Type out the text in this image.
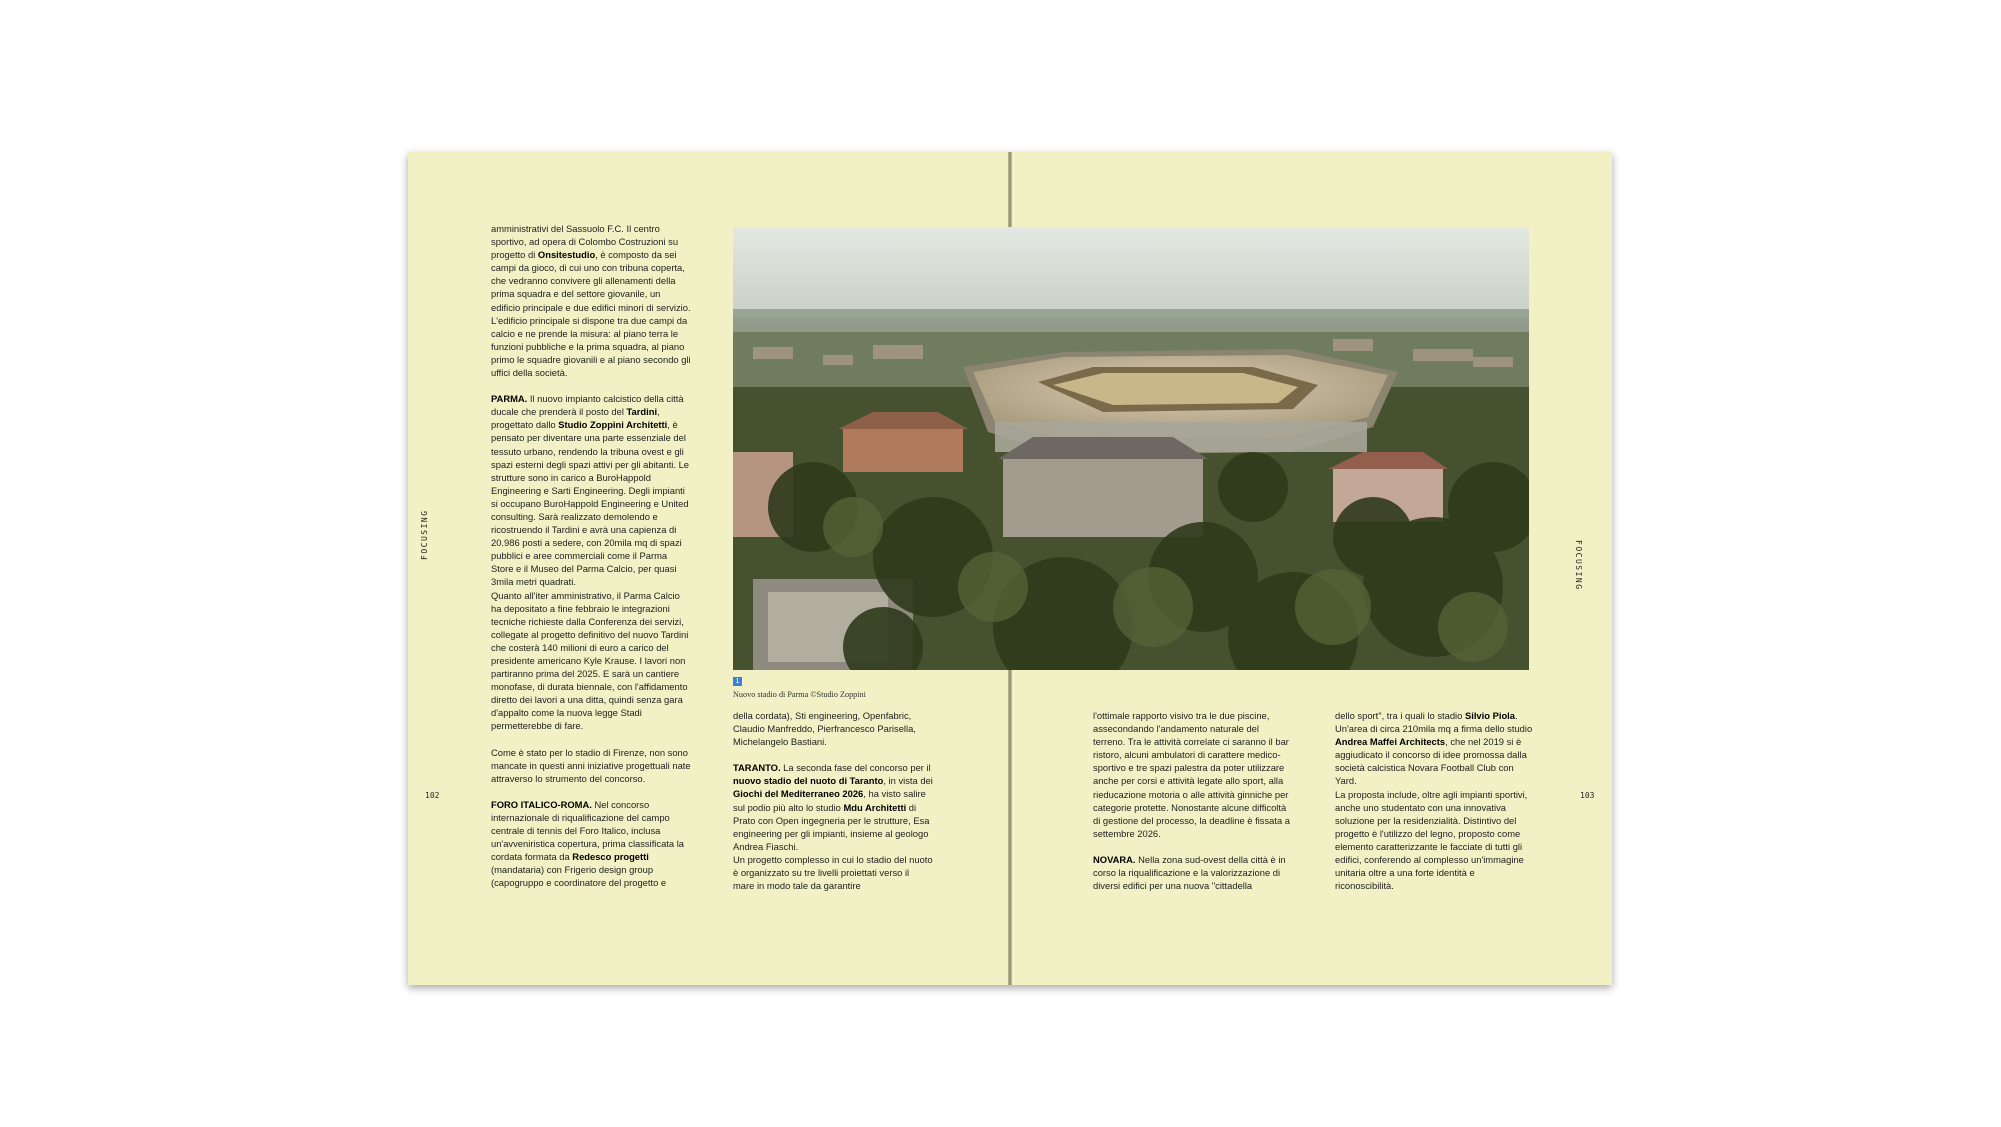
FOCUSING
FOCUSING
102	103

amministrativi del Sassuolo F.C. Il centro sportivo, ad opera di Colombo Costruzioni su progetto di Onsitestudio, è composto da sei campi da gioco, di cui uno con tribuna coperta, che vedranno convivere gli allenamenti della prima squadra e del settore giovanile, un edificio principale e due edifici minori di servizio. L'edificio principale si dispone tra due campi da calcio e ne prende la misura: al piano terra le funzioni pubbliche e la prima squadra, al piano primo le squadre giovanili e al piano secondo gli uffici della società.

PARMA. Il nuovo impianto calcistico della città ducale che prenderà il posto del Tardini, progettato dallo Studio Zoppini Architetti, è pensato per diventare una parte essenziale del tessuto urbano, rendendo la tribuna ovest e gli spazi esterni degli spazi attivi per gli abitanti. Le strutture sono in carico a BuroHappold Engineering e Sarti Engineering. Degli impianti si occupano BuroHappold Engineering e United consulting. Sarà realizzato demolendo e ricostruendo il Tardini e avrà una capienza di 20.986 posti a sedere, con 20mila mq di spazi pubblici e aree commerciali come il Parma Store e il Museo del Parma Calcio, per quasi 3mila metri quadrati.

Quanto all'iter amministrativo, il Parma Calcio ha depositato a fine febbraio le integrazioni tecniche richieste dalla Conferenza dei servizi, collegate al progetto definitivo del nuovo Tardini che costerà 140 milioni di euro a carico del presidente americano Kyle Krause. I lavori non partiranno prima del 2025. E sarà un cantiere monofase, di durata biennale, con l'affidamento diretto dei lavori a una ditta, quindi senza gara d'appalto come la nuova legge Stadi permetterebbe di fare.

Come è stato per lo stadio di Firenze, non sono mancate in questi anni iniziative progettuali nate attraverso lo strumento del concorso.

FORO ITALICO-ROMA. Nel concorso internazionale di riqualificazione del campo centrale di tennis del Foro Italico, inclusa un'avveniristica copertura, prima classificata la cordata formata da Redesco progetti (mandataria) con Frigerio design group (capogruppo e coordinatore del progetto e

1
Nuovo stadio di Parma ©Studio Zoppini

della cordata), Sti engineering, Openfabric, Claudio Manfreddo, Pierfrancesco Parisella, Michelangelo Bastiani.

TARANTO. La seconda fase del concorso per il nuovo stadio del nuoto di Taranto, in vista dei Giochi del Mediterraneo 2026, ha visto salire sul podio più alto lo studio Mdu Architetti di Prato con Open ingegneria per le strutture, Esa engineering per gli impianti, insieme al geologo Andrea Fiaschi.

Un progetto complesso in cui lo stadio del nuoto è organizzato su tre livelli proiettati verso il mare in modo tale da garantire

l'ottimale rapporto visivo tra le due piscine, assecondando l'andamento naturale del terreno. Tra le attività correlate ci saranno il bar ristoro, alcuni ambulatori di carattere medico-sportivo e tre spazi palestra da poter utilizzare anche per corsi e attività legate allo sport, alla rieducazione motoria o alle attività ginniche per categorie protette. Nonostante alcune difficoltà di gestione del processo, la deadline è fissata a settembre 2026.

NOVARA. Nella zona sud-ovest della città è in corso la riqualificazione e la valorizzazione di diversi edifici per una nuova "cittadella

dello sport", tra i quali lo stadio Silvio Piola. Un'area di circa 210mila mq a firma dello studio Andrea Maffei Architects, che nel 2019 si è aggiudicato il concorso di idee promossa dalla società calcistica Novara Football Club con Yard.

La proposta include, oltre agli impianti sportivi, anche uno studentato con una innovativa soluzione per la residenzialità. Distintivo del progetto è l'utilizzo del legno, proposto come elemento caratterizzante le facciate di tutti gli edifici, conferendo al complesso un'immagine unitaria oltre a una forte identità e riconoscibilità.
